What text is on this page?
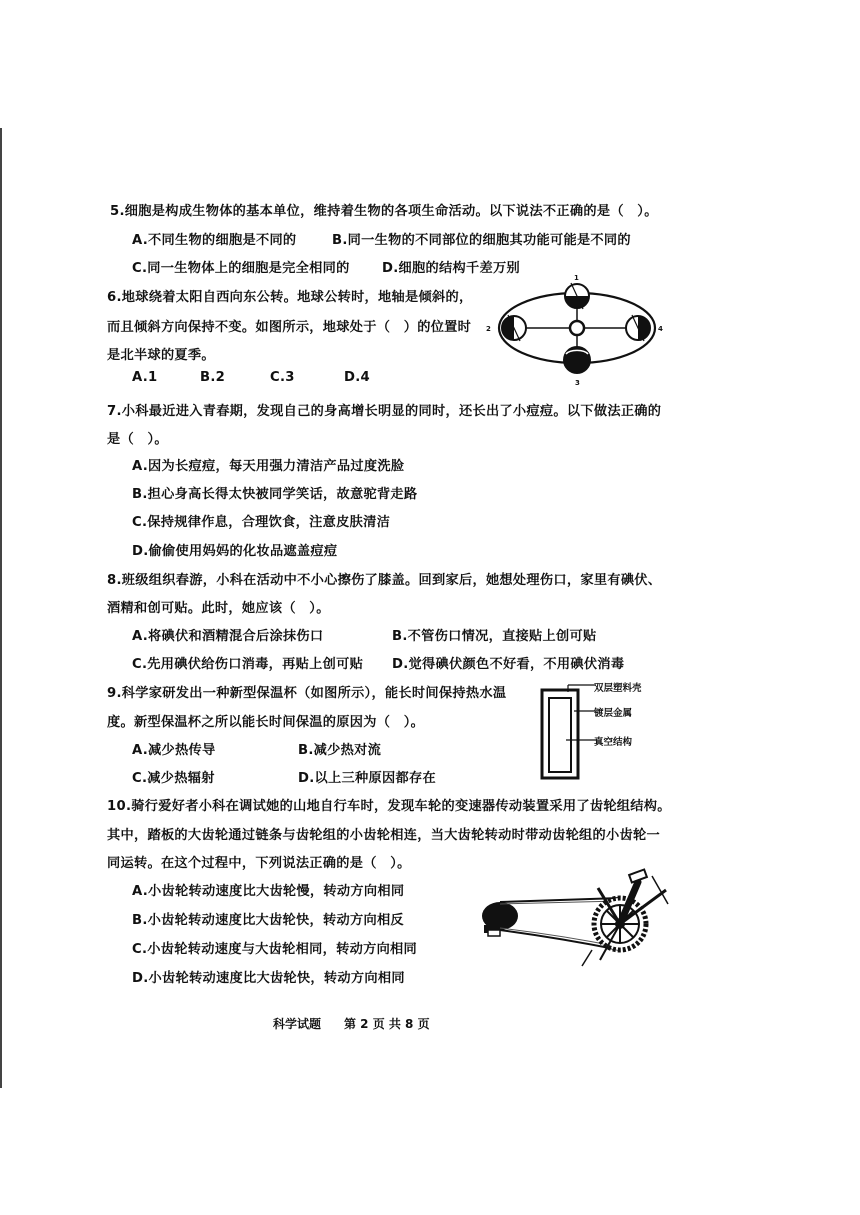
5.细胞是构成生物体的基本单位，维持着生物的各项生命活动。以下说法不正确的是（　）。
A.不同生物的细胞是不同的	B.同一生物的不同部位的细胞其功能可能是不同的
C.同一生物体上的细胞是完全相同的 D.细胞的结构千差万别
6.地球绕着太阳自西向东公转。地球公转时，地轴是倾斜的，
而且倾斜方向保持不变。如图所示，地球处于（　）的位置时
是北半球的夏季。
A.1	B.2	C.3	D.4
1
2
3
4
7.小科最近进入青春期，发现自己的身高增长明显的同时，还长出了小痘痘。以下做法正确的
是（　）。
A.因为长痘痘，每天用强力清洁产品过度洗脸
B.担心身高长得太快被同学笑话，故意驼背走路
C.保持规律作息，合理饮食，注意皮肤清洁
D.偷偷使用妈妈的化妆品遮盖痘痘
8.班级组织春游，小科在活动中不小心擦伤了膝盖。回到家后，她想处理伤口，家里有碘伏、
酒精和创可贴。此时，她应该（　）。
A.将碘伏和酒精混合后涂抹伤口	B.不管伤口情况，直接贴上创可贴
C.先用碘伏给伤口消毒，再贴上创可贴 D.觉得碘伏颜色不好看，不用碘伏消毒
9.科学家研发出一种新型保温杯（如图所示），能长时间保持热水温
度。新型保温杯之所以能长时间保温的原因为（　）。
A.减少热传导	B.减少热对流
C.减少热辐射	D.以上三种原因都存在
双层塑料壳
镀层金属
真空结构
10.骑行爱好者小科在调试她的山地自行车时，发现车轮的变速器传动装置采用了齿轮组结构。
其中，踏板的大齿轮通过链条与齿轮组的小齿轮相连，当大齿轮转动时带动齿轮组的小齿轮一
同运转。在这个过程中，下列说法正确的是（　）。
A.小齿轮转动速度比大齿轮慢，转动方向相同
B.小齿轮转动速度比大齿轮快，转动方向相反
C.小齿轮转动速度与大齿轮相同，转动方向相同
D.小齿轮转动速度比大齿轮快，转动方向相同
科学试题 第 2 页 共 8 页
